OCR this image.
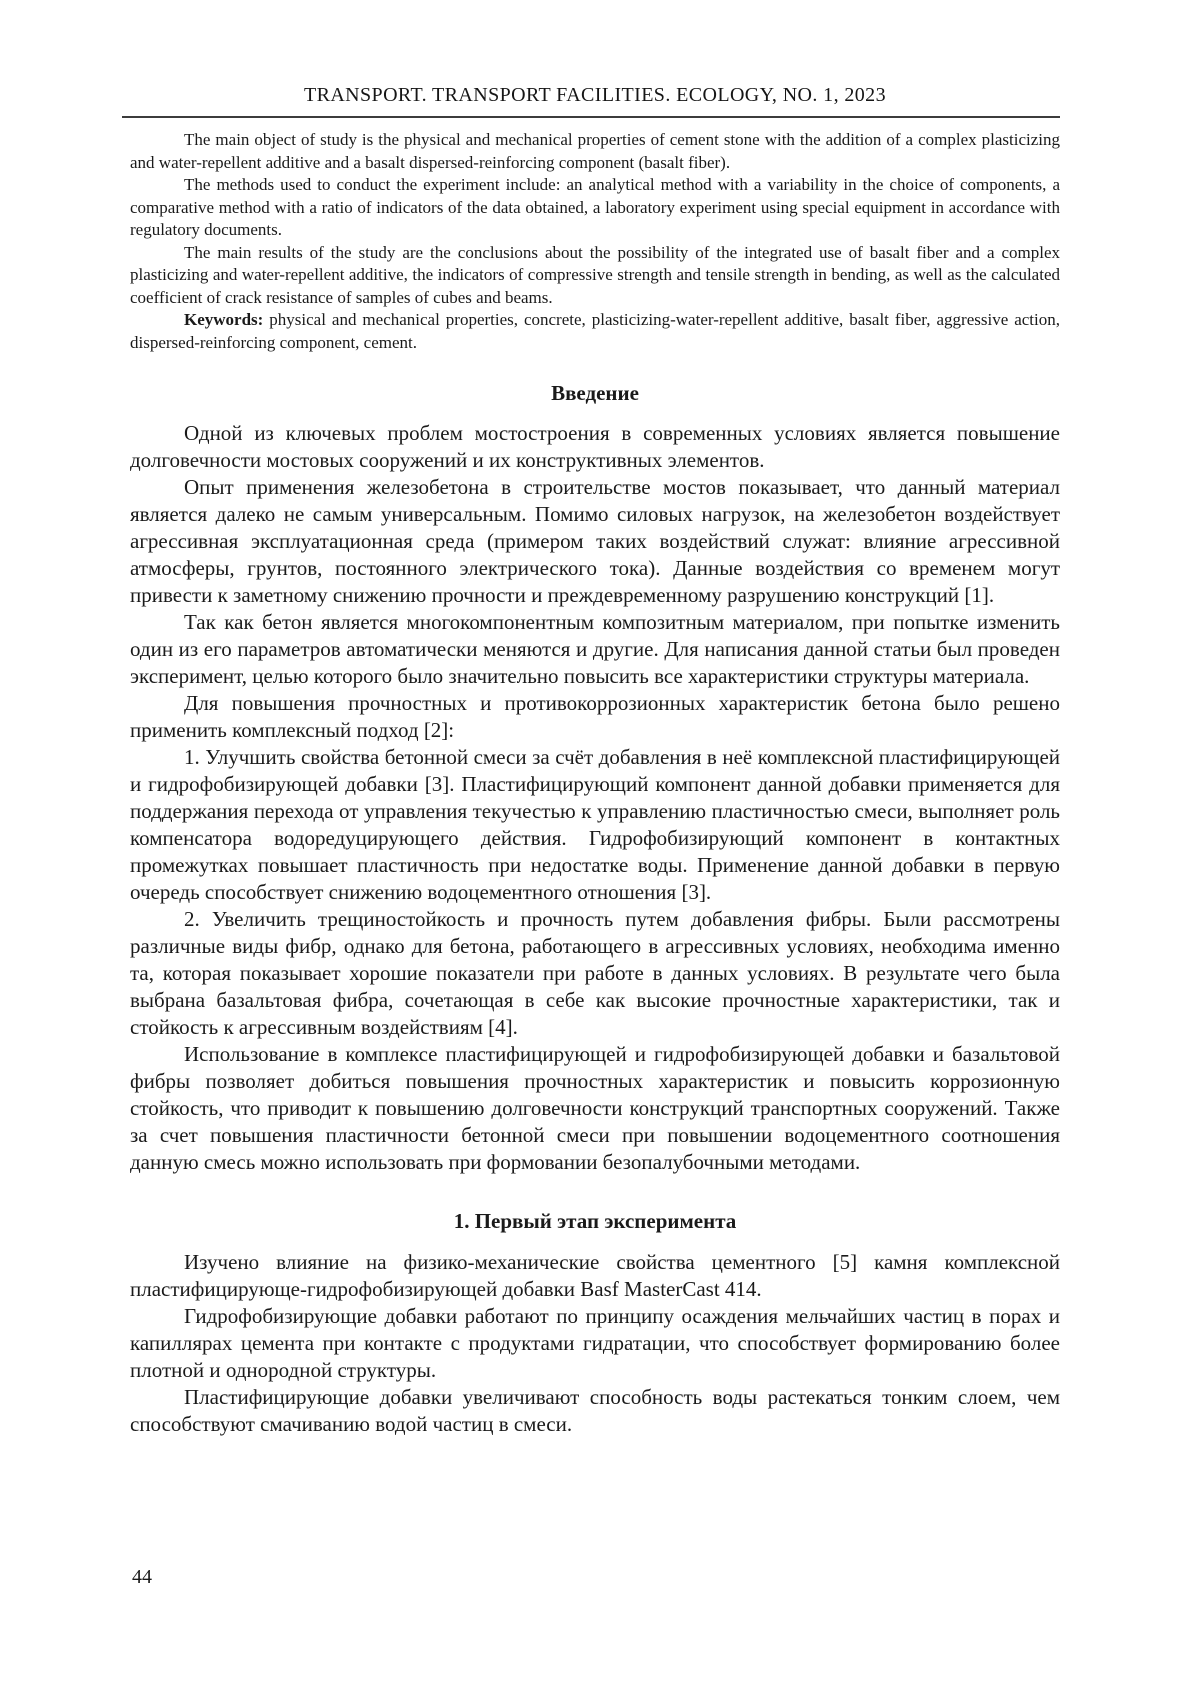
TRANSPORT. TRANSPORT FACILITIES. ECOLOGY, NO. 1, 2023

The main object of study is the physical and mechanical properties of cement stone with the addition of a complex plasticizing and water-repellent additive and a basalt dispersed-reinforcing component (basalt fiber).

The methods used to conduct the experiment include: an analytical method with a variability in the choice of components, a comparative method with a ratio of indicators of the data obtained, a laboratory experiment using special equipment in accordance with regulatory documents.

The main results of the study are the conclusions about the possibility of the integrated use of basalt fiber and a complex plasticizing and water-repellent additive, the indicators of compressive strength and tensile strength in bending, as well as the calculated coefficient of crack resistance of samples of cubes and beams.

Keywords: physical and mechanical properties, concrete, plasticizing-water-repellent additive, basalt fiber, aggressive action, dispersed-reinforcing component, cement.

Введение

Одной из ключевых проблем мостостроения в современных условиях является повышение долговечности мостовых сооружений и их конструктивных элементов.

Опыт применения железобетона в строительстве мостов показывает, что данный материал является далеко не самым универсальным. Помимо силовых нагрузок, на железобетон воздействует агрессивная эксплуатационная среда (примером таких воздействий служат: влияние агрессивной атмосферы, грунтов, постоянного электрического тока). Данные воздействия со временем могут привести к заметному снижению прочности и преждевременному разрушению конструкций [1].

Так как бетон является многокомпонентным композитным материалом, при попытке изменить один из его параметров автоматически меняются и другие. Для написания данной статьи был проведен эксперимент, целью которого было значительно повысить все характеристики структуры материала.

Для повышения прочностных и противокоррозионных характеристик бетона было решено применить комплексный подход [2]:

1. Улучшить свойства бетонной смеси за счёт добавления в неё комплексной пластифицирующей и гидрофобизирующей добавки [3]. Пластифицирующий компонент данной добавки применяется для поддержания перехода от управления текучестью к управлению пластичностью смеси, выполняет роль компенсатора водоредуцирующего действия. Гидрофобизирующий компонент в контактных промежутках повышает пластичность при недостатке воды. Применение данной добавки в первую очередь способствует снижению водоцементного отношения [3].

2. Увеличить трещиностойкость и прочность путем добавления фибры. Были рассмотрены различные виды фибр, однако для бетона, работающего в агрессивных условиях, необходима именно та, которая показывает хорошие показатели при работе в данных условиях. В результате чего была выбрана базальтовая фибра, сочетающая в себе как высокие прочностные характеристики, так и стойкость к агрессивным воздействиям [4].

Использование в комплексе пластифицирующей и гидрофобизирующей добавки и базальтовой фибры позволяет добиться повышения прочностных характеристик и повысить коррозионную стойкость, что приводит к повышению долговечности конструкций транспортных сооружений. Также за счет повышения пластичности бетонной смеси при повышении водоцементного соотношения данную смесь можно использовать при формовании безопалубочными методами.

1. Первый этап эксперимента

Изучено влияние на физико-механические свойства цементного [5] камня комплексной пластифицирующе-гидрофобизирующей добавки Basf MasterCast 414.

Гидрофобизирующие добавки работают по принципу осаждения мельчайших частиц в порах и капиллярах цемента при контакте с продуктами гидратации, что способствует формированию более плотной и однородной структуры.

Пластифицирующие добавки увеличивают способность воды растекаться тонким слоем, чем способствуют смачиванию водой частиц в смеси.

44
